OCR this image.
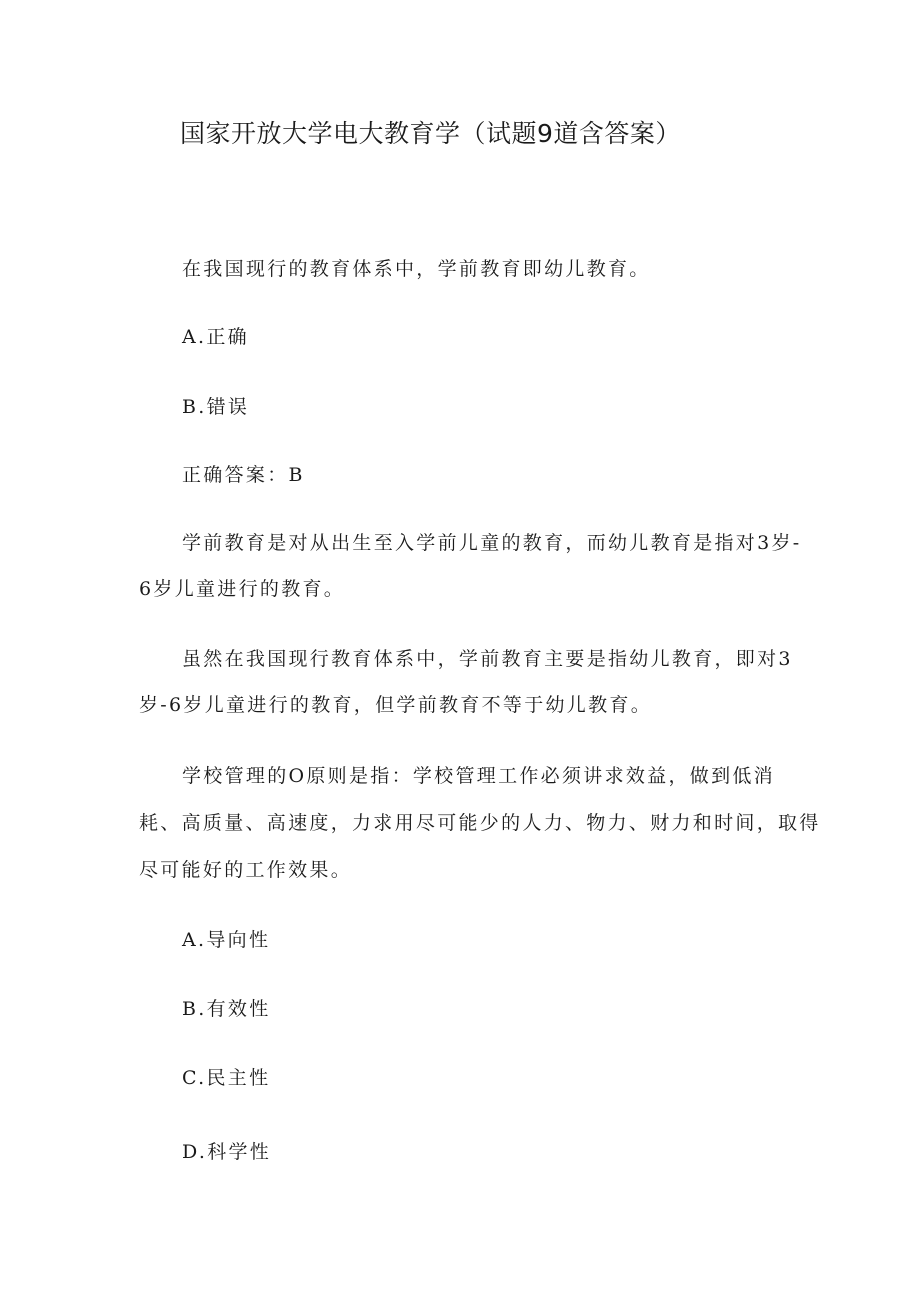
国家开放大学电大教育学（试题9道含答案）

在我国现行的教育体系中，学前教育即幼儿教育。

A.正确

B.错误

正确答案：B

学前教育是对从出生至入学前儿童的教育，而幼儿教育是指对3岁-

6岁儿童进行的教育。

虽然在我国现行教育体系中，学前教育主要是指幼儿教育，即对3

岁-6岁儿童进行的教育，但学前教育不等于幼儿教育。

学校管理的O原则是指：学校管理工作必须讲求效益，做到低消

耗、高质量、高速度，力求用尽可能少的人力、物力、财力和时间，取得

尽可能好的工作效果。

A.导向性

B.有效性

C.民主性

D.科学性
